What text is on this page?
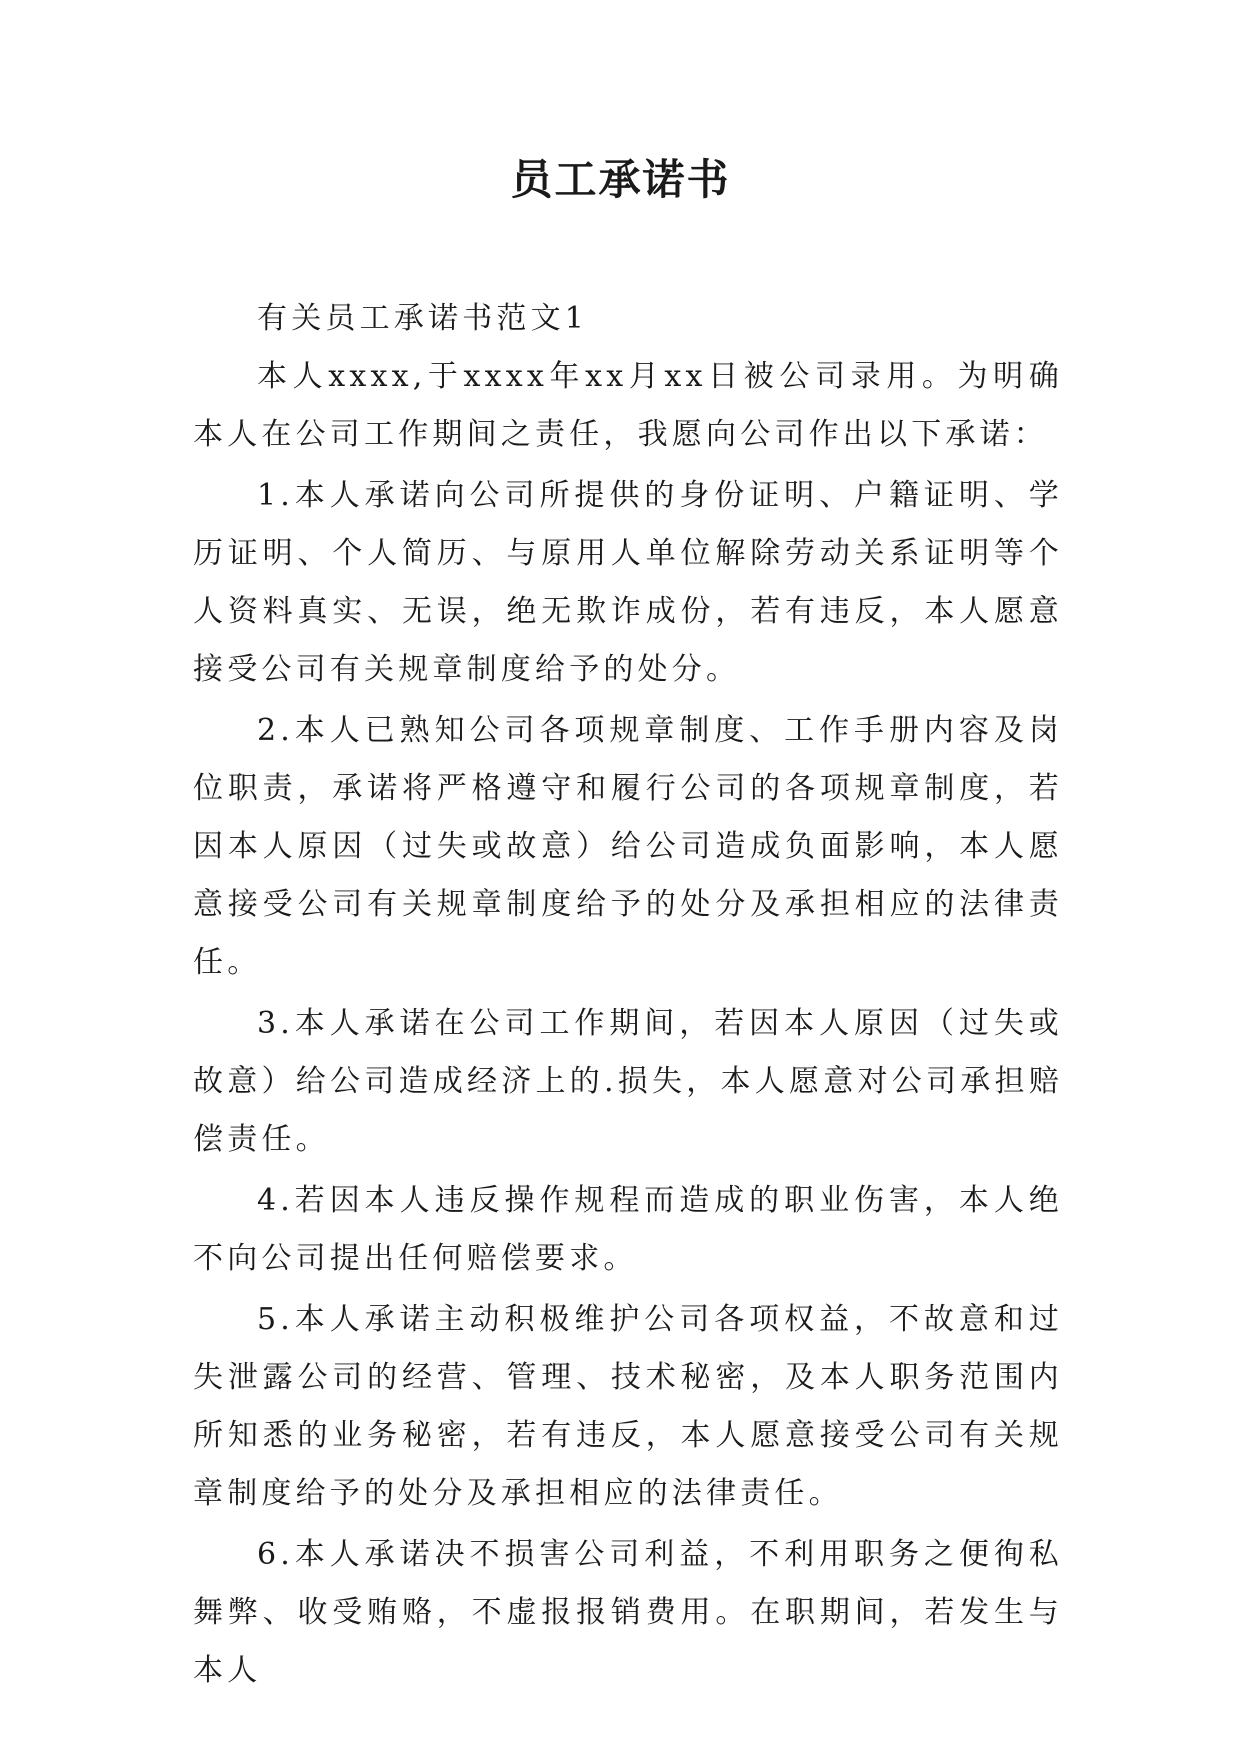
员工承诺书

有关员工承诺书范文1

本人xxxx,于xxxx年xx月xx日被公司录用。为明确本人在公司工作期间之责任，我愿向公司作出以下承诺：

1.本人承诺向公司所提供的身份证明、户籍证明、学历证明、个人简历、与原用人单位解除劳动关系证明等个人资料真实、无误，绝无欺诈成份，若有违反，本人愿意接受公司有关规章制度给予的处分。

2.本人已熟知公司各项规章制度、工作手册内容及岗位职责，承诺将严格遵守和履行公司的各项规章制度，若因本人原因（过失或故意）给公司造成负面影响，本人愿意接受公司有关规章制度给予的处分及承担相应的法律责任。

3.本人承诺在公司工作期间，若因本人原因（过失或故意）给公司造成经济上的.损失，本人愿意对公司承担赔偿责任。

4.若因本人违反操作规程而造成的职业伤害，本人绝不向公司提出任何赔偿要求。

5.本人承诺主动积极维护公司各项权益，不故意和过失泄露公司的经营、管理、技术秘密，及本人职务范围内所知悉的业务秘密，若有违反，本人愿意接受公司有关规章制度给予的处分及承担相应的法律责任。

6.本人承诺决不损害公司利益，不利用职务之便徇私舞弊、收受贿赂，不虚报报销费用。在职期间，若发生与本人
